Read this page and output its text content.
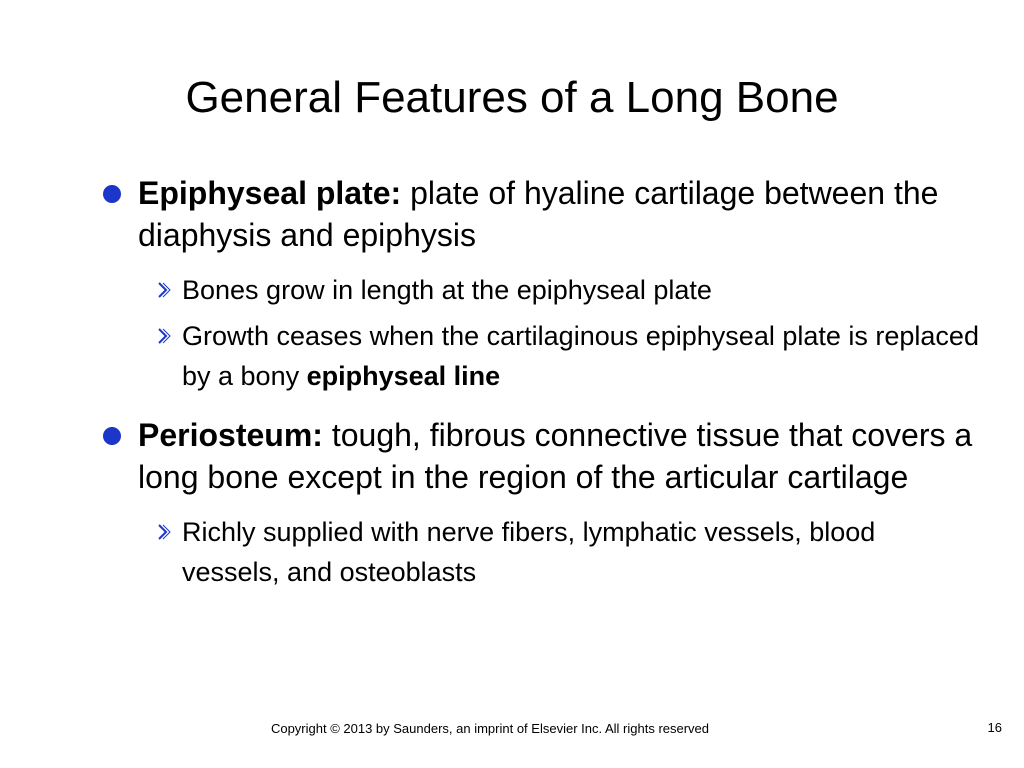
General Features of a Long Bone
Epiphyseal plate: plate of hyaline cartilage between the diaphysis and epiphysis
Bones grow in length at the epiphyseal plate
Growth ceases when the cartilaginous epiphyseal plate is replaced by a bony epiphyseal line
Periosteum: tough, fibrous connective tissue that covers a long bone except in the region of the articular cartilage
Richly supplied with nerve fibers, lymphatic vessels, blood vessels, and osteoblasts
Copyright © 2013 by Saunders, an imprint of Elsevier Inc. All rights reserved	16
